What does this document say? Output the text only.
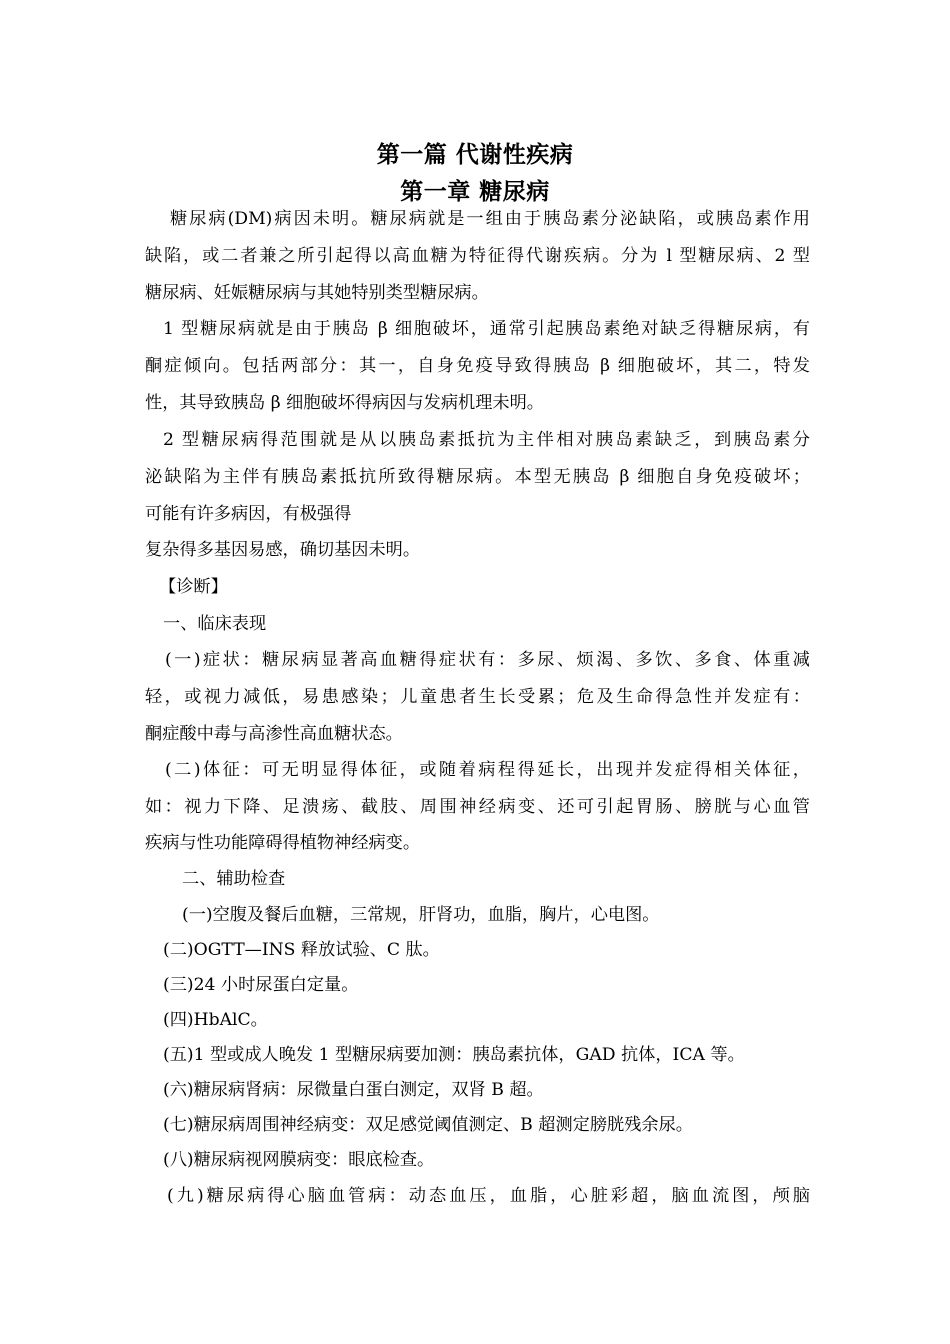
第一篇 代谢性疾病
第一章 糖尿病
糖尿病(DM)病因未明。糖尿病就是一组由于胰岛素分泌缺陷，或胰岛素作用
缺陷，或二者兼之所引起得以高血糖为特征得代谢疾病。分为 l 型糖尿病、2 型
糖尿病、妊娠糖尿病与其她特别类型糖尿病。
1 型糖尿病就是由于胰岛 β 细胞破坏，通常引起胰岛素绝对缺乏得糖尿病，有
酮症倾向。包括两部分：其一，自身免疫导致得胰岛 β 细胞破坏，其二，特发
性，其导致胰岛 β 细胞破坏得病因与发病机理未明。
2 型糖尿病得范围就是从以胰岛素抵抗为主伴相对胰岛素缺乏，到胰岛素分
泌缺陷为主伴有胰岛素抵抗所致得糖尿病。本型无胰岛 β 细胞自身免疫破坏；
可能有许多病因，有极强得
复杂得多基因易感，确切基因未明。
【诊断】
一、临床表现
(一)症状：糖尿病显著高血糖得症状有：多尿、烦渴、多饮、多食、体重减
轻，或视力减低，易患感染；儿童患者生长受累；危及生命得急性并发症有：
酮症酸中毒与高渗性高血糖状态。
(二)体征：可无明显得体征，或随着病程得延长，出现并发症得相关体征，
如：视力下降、足溃疡、截肢、周围神经病变、还可引起胃肠、膀胱与心血管
疾病与性功能障碍得植物神经病变。
二、辅助检查
(一)空腹及餐后血糖，三常规，肝肾功，血脂，胸片，心电图。
(二)OGTT—INS 释放试验、C 肽。
(三)24 小时尿蛋白定量。
(四)HbAlC。
(五)1 型或成人晚发 1 型糖尿病要加测：胰岛素抗体，GAD 抗体，ICA 等。
(六)糖尿病肾病：尿微量白蛋白测定，双肾 B 超。
(七)糖尿病周围神经病变：双足感觉阈值测定、B 超测定膀胱残余尿。
(八)糖尿病视网膜病变：眼底检查。
(九)糖尿病得心脑血管病：动态血压，血脂，心脏彩超，脑血流图，颅脑
